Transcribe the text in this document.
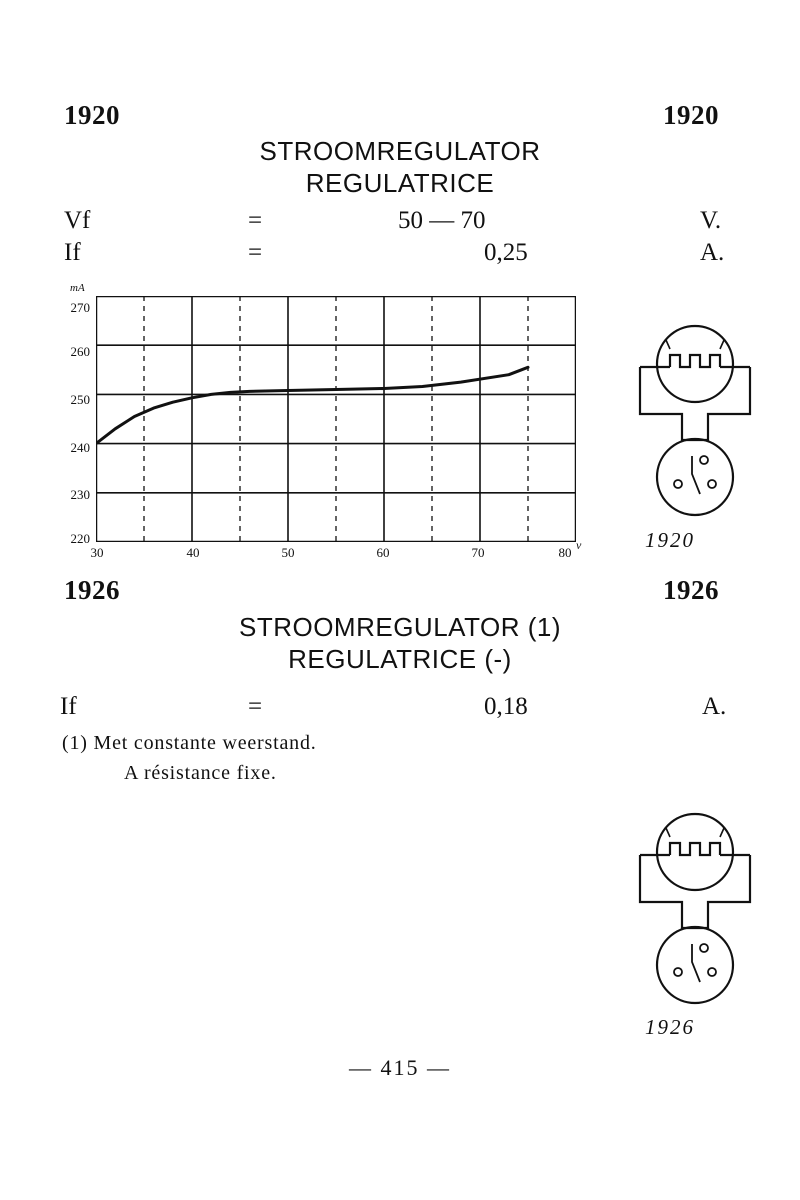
1920	1920
STROOMREGULATOR
REGULATRICE
Vf	=	50 — 70	V.
If	=	0,25	A.
mA
270
260
250
240
230
220
30	40	50	60	70	80 v	1920
1926	1926
STROOMREGULATOR (1)
REGULATRICE (-)
If	=	0,18	A.
(1) Met constante weerstand.
A résistance fixe.
1926
— 415 —
